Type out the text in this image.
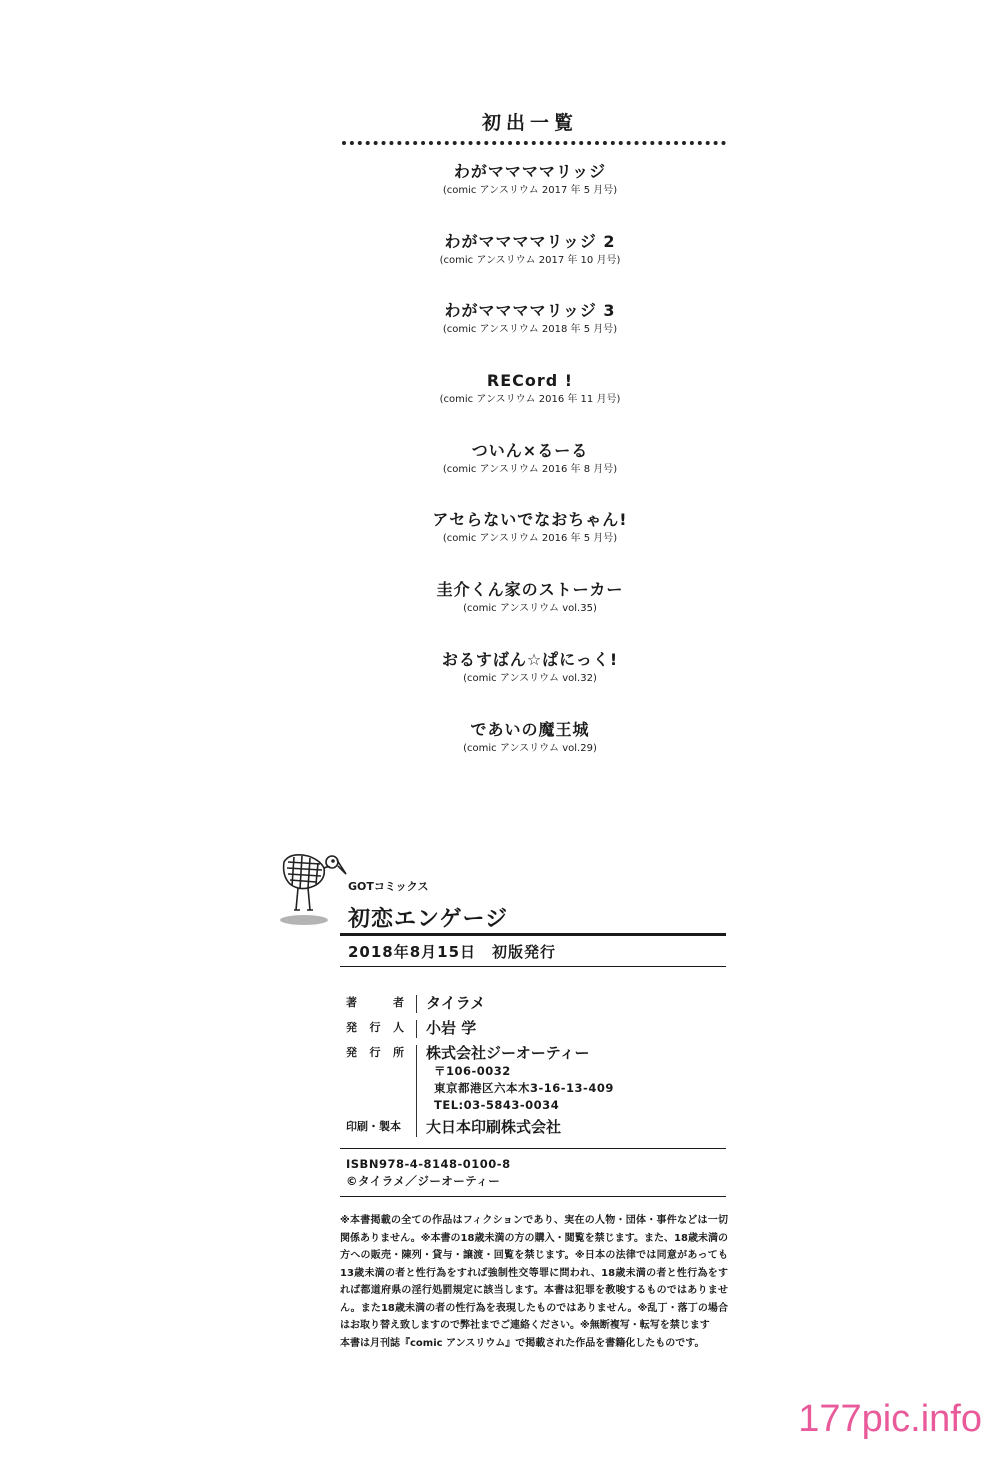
初出一覧
わがママママリッジ
(comic アンスリウム 2017 年 5 月号)
わがママママリッジ 2
(comic アンスリウム 2017 年 10 月号)
わがママママリッジ 3
(comic アンスリウム 2018 年 5 月号)
RECord !
(comic アンスリウム 2016 年 11 月号)
ついん×るーる
(comic アンスリウム 2016 年 8 月号)
アセらないでなおちゃん!
(comic アンスリウム 2016 年 5 月号)
圭介くん家のストーカー
(comic アンスリウム vol.35)
おるすばん☆ぱにっく!
(comic アンスリウム vol.32)
であいの魔王城
(comic アンスリウム vol.29)
GOTコミックス
初恋エンゲージ
2018年8月15日　初版発行
著　者 タイラメ
発行人 小岩 学
発行所 株式会社ジーオーティー
〒106-0032
東京都港区六本木3-16-13-409
TEL:03-5843-0034
印刷・製本 大日本印刷株式会社
ISBN978-4-8148-0100-8
©タイラメ／ジーオーティー

※本書掲載の全ての作品はフィクションであり、実在の人物・団体・事件などは一切関係ありません。※本書の18歳未満の方の購入・閲覧を禁じます。また、18歳未満の方への販売・陳列・貸与・譲渡・回覧を禁じます。※日本の法律では同意があっても13歳未満の者と性行為をすれば強制性交等罪に問われ、18歳未満の者と性行為をすれば都道府県の淫行処罰規定に該当します。本書は犯罪を教唆するものではありません。また18歳未満の者の性行為を表現したものではありません。※乱丁・落丁の場合はお取り替え致しますので弊社までご連絡ください。※無断複写・転写を禁じます

本書は月刊誌『comic アンスリウム』で掲載された作品を書籍化したものです。

177pic.info
